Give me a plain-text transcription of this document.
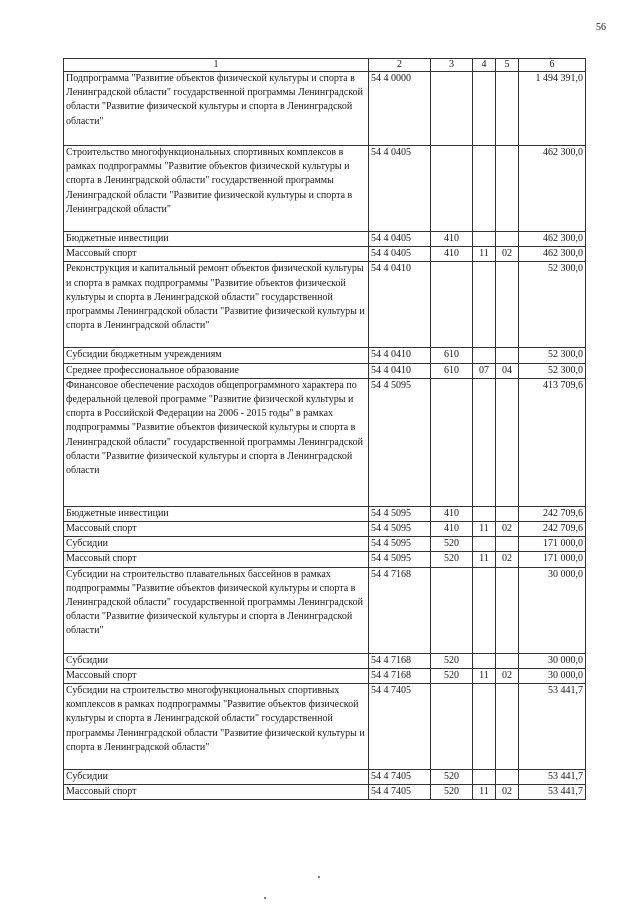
56
1	2	3	4	5	6
Подпрограмма "Развитие объектов физической культуры и спорта в Ленинградской области" государственной программы Ленинградской области "Развитие физической культуры и спорта в Ленинградской области"	54 4 0000				1 494 391,0
Строительство многофункциональных спортивных комплексов в рамках подпрограммы "Развитие объектов физической культуры и спорта в Ленинградской области" государственной программы Ленинградской области "Развитие физической культуры и спорта в Ленинградской области"	54 4 0405				462 300,0
Бюджетные инвестиции	54 4 0405	410			462 300,0
Массовый спорт	54 4 0405	410	11	02	462 300,0
Реконструкция и капитальный ремонт объектов физической культуры и спорта в рамках подпрограммы "Развитие объектов физической культуры и спорта в Ленинградской области" государственной программы Ленинградской области "Развитие физической культуры и спорта в Ленинградской области"	54 4 0410				52 300,0
Субсидии бюджетным учреждениям	54 4 0410	610			52 300,0
Среднее профессиональное образование	54 4 0410	610	07	04	52 300,0
Финансовое обеспечение расходов общепрограммного характера по федеральной целевой программе "Развитие физической культуры и спорта в Российской Федерации на 2006 - 2015 годы" в рамках подпрограммы "Развитие объектов физической культуры и спорта в Ленинградской области" государственной программы Ленинградской области "Развитие физической культуры и спорта в Ленинградской области	54 4 5095				413 709,6
Бюджетные инвестиции	54 4 5095	410			242 709,6
Массовый спорт	54 4 5095	410	11	02	242 709,6
Субсидии	54 4 5095	520			171 000,0
Массовый спорт	54 4 5095	520	11	02	171 000,0
Субсидии на строительство плавательных бассейнов в рамках подпрограммы "Развитие объектов физической культуры и спорта в Ленинградской области" государственной программы Ленинградской области "Развитие физической культуры и спорта в Ленинградской области"	54 4 7168				30 000,0
Субсидии	54 4 7168	520			30 000,0
Массовый спорт	54 4 7168	520	11	02	30 000,0
Субсидии на строительство многофункциональных спортивных комплексов в рамках подпрограммы "Развитие объектов физической культуры и спорта в Ленинградской области" государственной программы Ленинградской области "Развитие физической культуры и спорта в Ленинградской области"	54 4 7405				53 441,7
Субсидии	54 4 7405	520			53 441,7
Массовый спорт	54 4 7405	520	11	02	53 441,7
